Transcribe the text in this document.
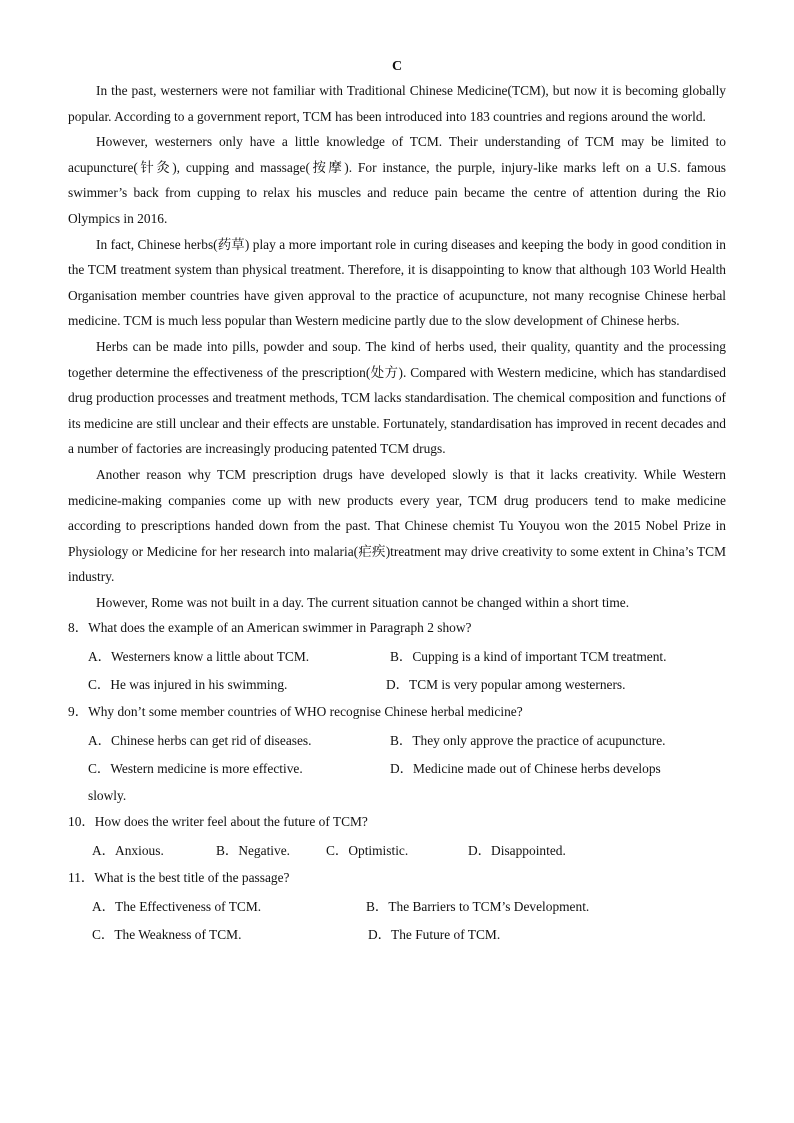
C

In the past, westerners were not familiar with Traditional Chinese Medicine(TCM), but now it is becoming globally popular. According to a government report, TCM has been introduced into 183 countries and regions around the world.

However, westerners only have a little knowledge of TCM. Their understanding of TCM may be limited to acupuncture(针灸), cupping and massage(按摩). For instance, the purple, injury-like marks left on a U.S. famous swimmer’s back from cupping to relax his muscles and reduce pain became the centre of attention during the Rio Olympics in 2016.

In fact, Chinese herbs(药草) play a more important role in curing diseases and keeping the body in good condition in the TCM treatment system than physical treatment. Therefore, it is disappointing to know that although 103 World Health Organisation member countries have given approval to the practice of acupuncture, not many recognise Chinese herbal medicine. TCM is much less popular than Western medicine partly due to the slow development of Chinese herbs.

Herbs can be made into pills, powder and soup. The kind of herbs used, their quality, quantity and the processing together determine the effectiveness of the prescription(处方). Compared with Western medicine, which has standardised drug production processes and treatment methods, TCM lacks standardisation. The chemical composition and functions of its medicine are still unclear and their effects are unstable. Fortunately, standardisation has improved in recent decades and a number of factories are increasingly producing patented TCM drugs.

Another reason why TCM prescription drugs have developed slowly is that it lacks creativity. While Western medicine-making companies come up with new products every year, TCM drug producers tend to make medicine according to prescriptions handed down from the past. That Chinese chemist Tu Youyou won the 2015 Nobel Prize in Physiology or Medicine for her research into malaria(疟疾)treatment may drive creativity to some extent in China’s TCM industry.

However, Rome was not built in a day. The current situation cannot be changed within a short time.

8．What does the example of an American swimmer in Paragraph 2 show?

A．Westerners know a little about TCM.	B．Cupping is a kind of important TCM treatment.
C．He was injured in his swimming.	D．TCM is very popular among westerners.

9．Why don’t some member countries of WHO recognise Chinese herbal medicine?

A．Chinese herbs can get rid of diseases.	B．They only approve the practice of acupuncture.
C．Western medicine is more effective.	D．Medicine made out of Chinese herbs develops
slowly.

10．How does the writer feel about the future of TCM?

A．Anxious.	B．Negative.	C．Optimistic.	D．Disappointed.

11．What is the best title of the passage?

A．The Effectiveness of TCM.	B．The Barriers to TCM’s Development.
C．The Weakness of TCM.	D．The Future of TCM.
